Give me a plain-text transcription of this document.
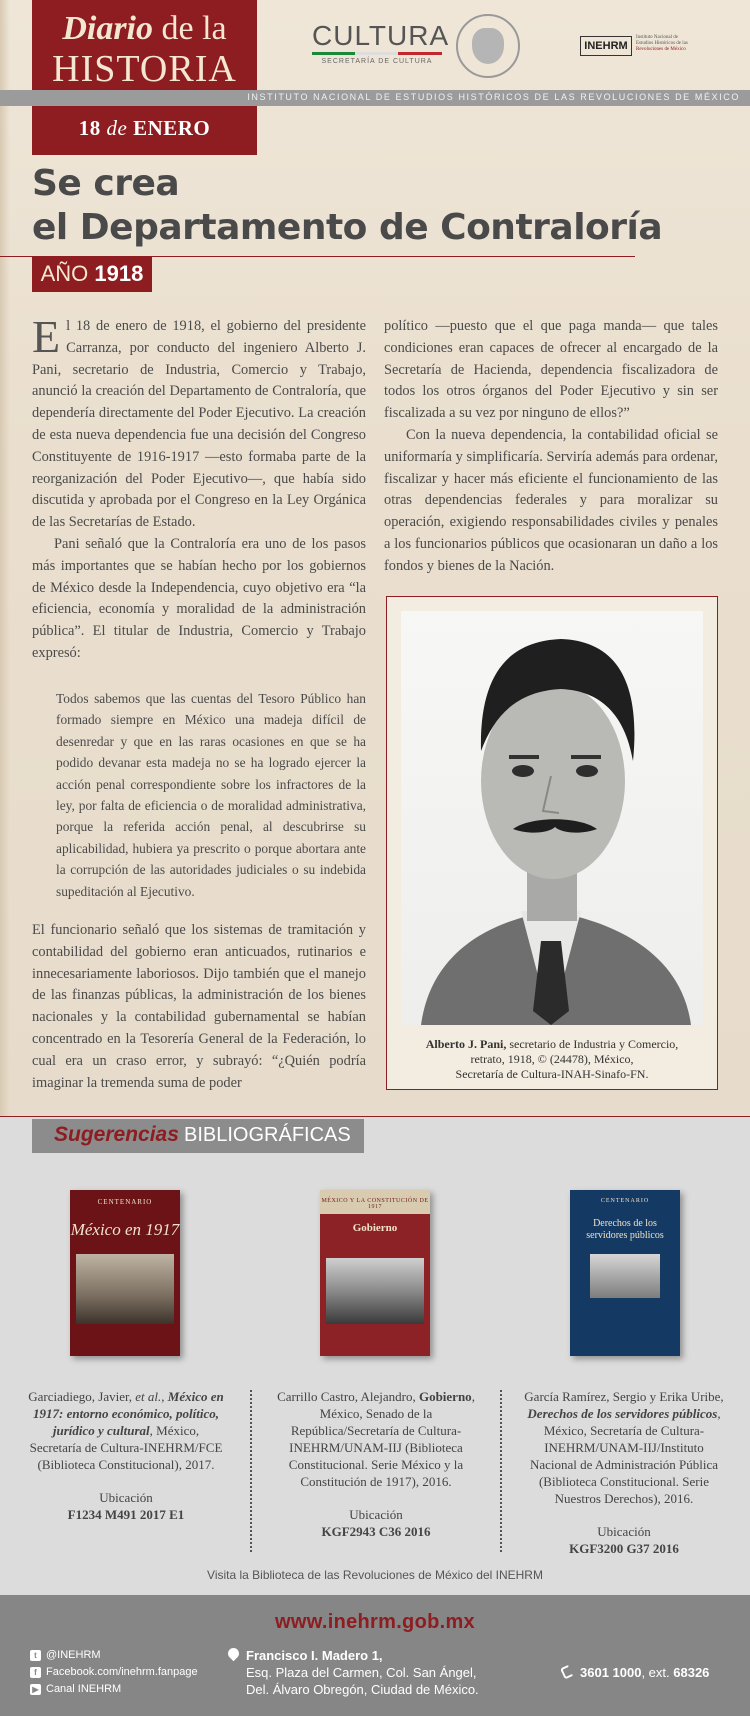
Diario de la
HISTORIA
18 de ENERO
CULTURA
SECRETARÍA DE CULTURA
INEHRM
Instituto Nacional de
Estudios Históricos de las
Revoluciones de México
INSTITUTO NACIONAL DE ESTUDIOS HISTÓRICOS DE LAS REVOLUCIONES DE MÉXICO
Se crea
el Departamento de Contraloría
AÑO 1918

El 18 de enero de 1918, el gobierno del presidente Carranza, por conducto del ingeniero Alberto J. Pani, secretario de Industria, Comercio y Trabajo, anunció la creación del Departamento de Contraloría, que dependería directamente del Poder Ejecutivo. La creación de esta nueva dependencia fue una decisión del Congreso Constituyente de 1916-1917 —esto formaba parte de la reorganización del Poder Ejecutivo—, que había sido discutida y aprobada por el Congreso en la Ley Orgánica de las Secretarías de Estado.

Pani señaló que la Contraloría era uno de los pasos más importantes que se habían hecho por los gobiernos de México desde la Independencia, cuyo objetivo era “la eficiencia, economía y moralidad de la administración pública”. El titular de Industria, Comercio y Trabajo expresó:

Todos sabemos que las cuentas del Tesoro Público han formado siempre en México una madeja difícil de desenredar y que en las raras ocasiones en que se ha podido devanar esta madeja no se ha logrado ejercer la acción penal correspondiente sobre los infractores de la ley, por falta de eficiencia o de moralidad administrativa, porque la referida acción penal, al descubrirse su aplicabilidad, hubiera ya prescrito o porque abortara ante la corrupción de las autoridades judiciales o su indebida supeditación al Ejecutivo.

El funcionario señaló que los sistemas de tramitación y contabilidad del gobierno eran anticuados, rutinarios e innecesariamente laboriosos. Dijo también que el manejo de las finanzas públicas, la administración de los bienes nacionales y la contabilidad gubernamental se habían concentrado en la Tesorería General de la Federación, lo cual era un craso error, y subrayó: “¿Quién podría imaginar la tremenda suma de poder

político —puesto que el que paga manda— que tales condiciones eran capaces de ofrecer al encargado de la Secretaría de Hacienda, dependencia fiscalizadora de todos los otros órganos del Poder Ejecutivo y sin ser fiscalizada a su vez por ninguno de ellos?”

Con la nueva dependencia, la contabilidad oficial se uniformaría y simplificaría. Serviría además para ordenar, fiscalizar y hacer más eficiente el funcionamiento de las otras dependencias federales y para moralizar su operación, exigiendo responsabilidades civiles y penales a los funcionarios públicos que ocasionaran un daño a los fondos y bienes de la Nación.

Alberto J. Pani, secretario de Industria y Comercio,
retrato, 1918, © (24478), México,
Secretaría de Cultura-INAH-Sinafo-FN.
Sugerencias BIBLIOGRÁFICAS
CENTENARIO
México en 1917
MÉXICO Y LA CONSTITUCIÓN DE 1917
Gobierno
CENTENARIO
Derechos de los servidores públicos
Garciadiego, Javier, et al., México en 1917: entorno económico, político, jurídico y cultural, México, Secretaría de Cultura-INEHRM/FCE (Biblioteca Constitucional), 2017.
Ubicación
F1234 M491 2017 E1
Carrillo Castro, Alejandro, Gobierno, México, Senado de la República/Secretaría de Cultura-INEHRM/UNAM-IIJ (Biblioteca Constitucional. Serie México y la Constitución de 1917), 2016.
Ubicación
KGF2943 C36 2016
García Ramírez, Sergio y Erika Uribe, Derechos de los servidores públicos, México, Secretaría de Cultura-INEHRM/UNAM-IIJ/Instituto Nacional de Administración Pública (Biblioteca Constitucional. Serie Nuestros Derechos), 2016.
Ubicación
KGF3200 G37 2016
Visita la Biblioteca de las Revoluciones de México del INEHRM
www.inehrm.gob.mx
t @INEHRM
f Facebook.com/inehrm.fanpage
▶ Canal INEHRM
Francisco I. Madero 1,
Esq. Plaza del Carmen, Col. San Ángel,
Del. Álvaro Obregón, Ciudad de México.
3601 1000, ext. 68326
